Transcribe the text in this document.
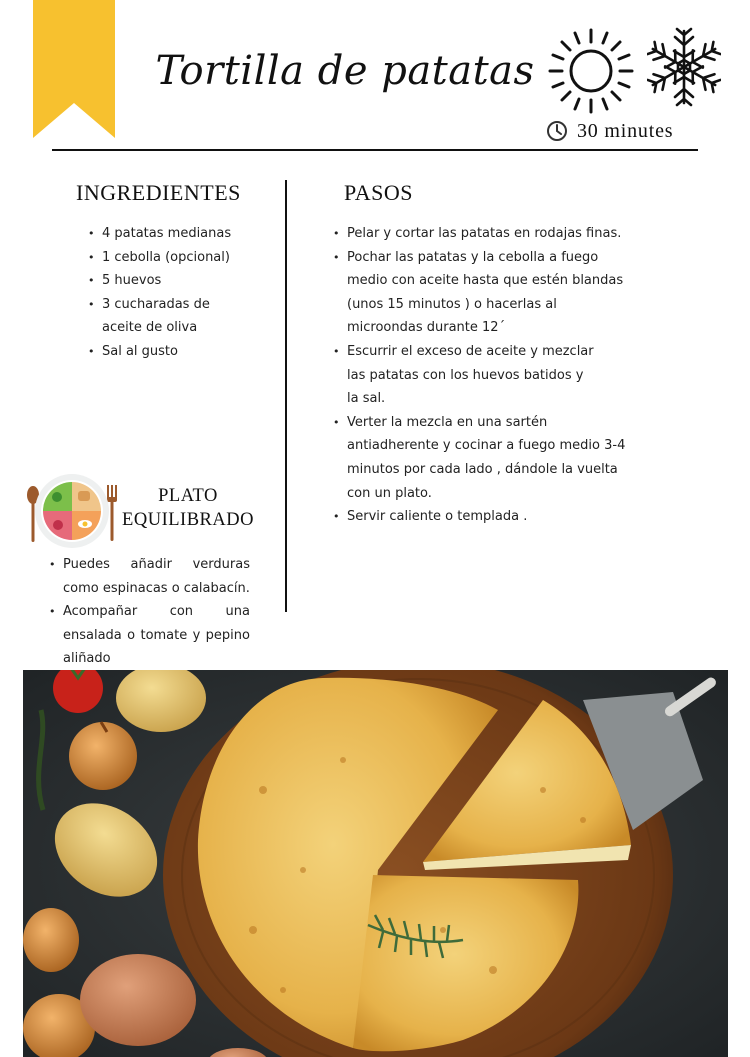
Tortilla de patatas
30 minutes
INGREDIENTES
• 4 patatas medianas
• 1 cebolla (opcional)
• 5 huevos
• 3 cucharadas de aceite de oliva
• Sal al gusto
PASOS
• Pelar y cortar las patatas en rodajas finas.
• Pochar las patatas y la cebolla a fuego medio con aceite hasta que estén blandas (unos 15 minutos ) o hacerlas al microondas durante 12´
• Escurrir el exceso de aceite y mezclar las patatas con los huevos batidos y la sal.
• Verter la mezcla en una sartén antiadherente y cocinar a fuego medio 3-4 minutos por cada lado , dándole la vuelta con un plato.
• Servir caliente o templada .
PLATO
EQUILIBRADO
• Puedes añadir verduras como espinacas o calabacín.
• Acompañar con una ensalada o tomate y pepino aliñado
